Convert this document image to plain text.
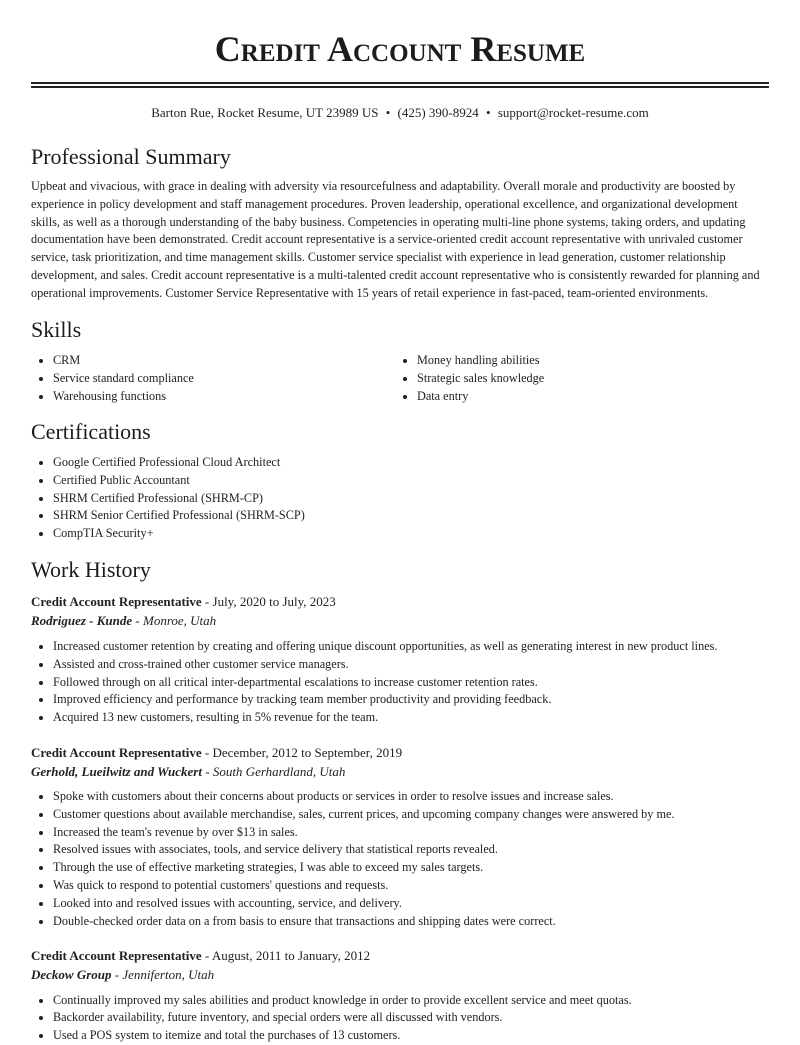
Credit Account Resume
Barton Rue, Rocket Resume, UT 23989 US • (425) 390-8924 • support@rocket-resume.com
Professional Summary

Upbeat and vivacious, with grace in dealing with adversity via resourcefulness and adaptability. Overall morale and productivity are boosted by experience in policy development and staff management procedures. Proven leadership, operational excellence, and organizational development skills, as well as a thorough understanding of the baby business. Competencies in operating multi-line phone systems, taking orders, and updating documentation have been demonstrated. Credit account representative is a service-oriented credit account representative with unrivaled customer service, task prioritization, and time management skills. Customer service specialist with experience in lead generation, customer relationship development, and sales. Credit account representative is a multi-talented credit account representative who is consistently rewarded for planning and operational improvements. Customer Service Representative with 15 years of retail experience in fast-paced, team-oriented environments.

Skills
• CRM
• Service standard compliance
• Warehousing functions
• Money handling abilities
• Strategic sales knowledge
• Data entry
Certifications
• Google Certified Professional Cloud Architect
• Certified Public Accountant
• SHRM Certified Professional (SHRM-CP)
• SHRM Senior Certified Professional (SHRM-SCP)
• CompTIA Security+
Work History
Credit Account Representative - July, 2020 to July, 2023
Rodriguez - Kunde - Monroe, Utah
• Increased customer retention by creating and offering unique discount opportunities, as well as generating interest in new product lines.
• Assisted and cross-trained other customer service managers.
• Followed through on all critical inter-departmental escalations to increase customer retention rates.
• Improved efficiency and performance by tracking team member productivity and providing feedback.
• Acquired 13 new customers, resulting in 5% revenue for the team.
Credit Account Representative - December, 2012 to September, 2019
Gerhold, Lueilwitz and Wuckert - South Gerhardland, Utah
• Spoke with customers about their concerns about products or services in order to resolve issues and increase sales.
• Customer questions about available merchandise, sales, current prices, and upcoming company changes were answered by me.
• Increased the team's revenue by over $13 in sales.
• Resolved issues with associates, tools, and service delivery that statistical reports revealed.
• Through the use of effective marketing strategies, I was able to exceed my sales targets.
• Was quick to respond to potential customers' questions and requests.
• Looked into and resolved issues with accounting, service, and delivery.
• Double-checked order data on a from basis to ensure that transactions and shipping dates were correct.
Credit Account Representative - August, 2011 to January, 2012
Deckow Group - Jenniferton, Utah
• Continually improved my sales abilities and product knowledge in order to provide excellent service and meet quotas.
• Backorder availability, future inventory, and special orders were all discussed with vendors.
• Used a POS system to itemize and total the purchases of 13 customers.
